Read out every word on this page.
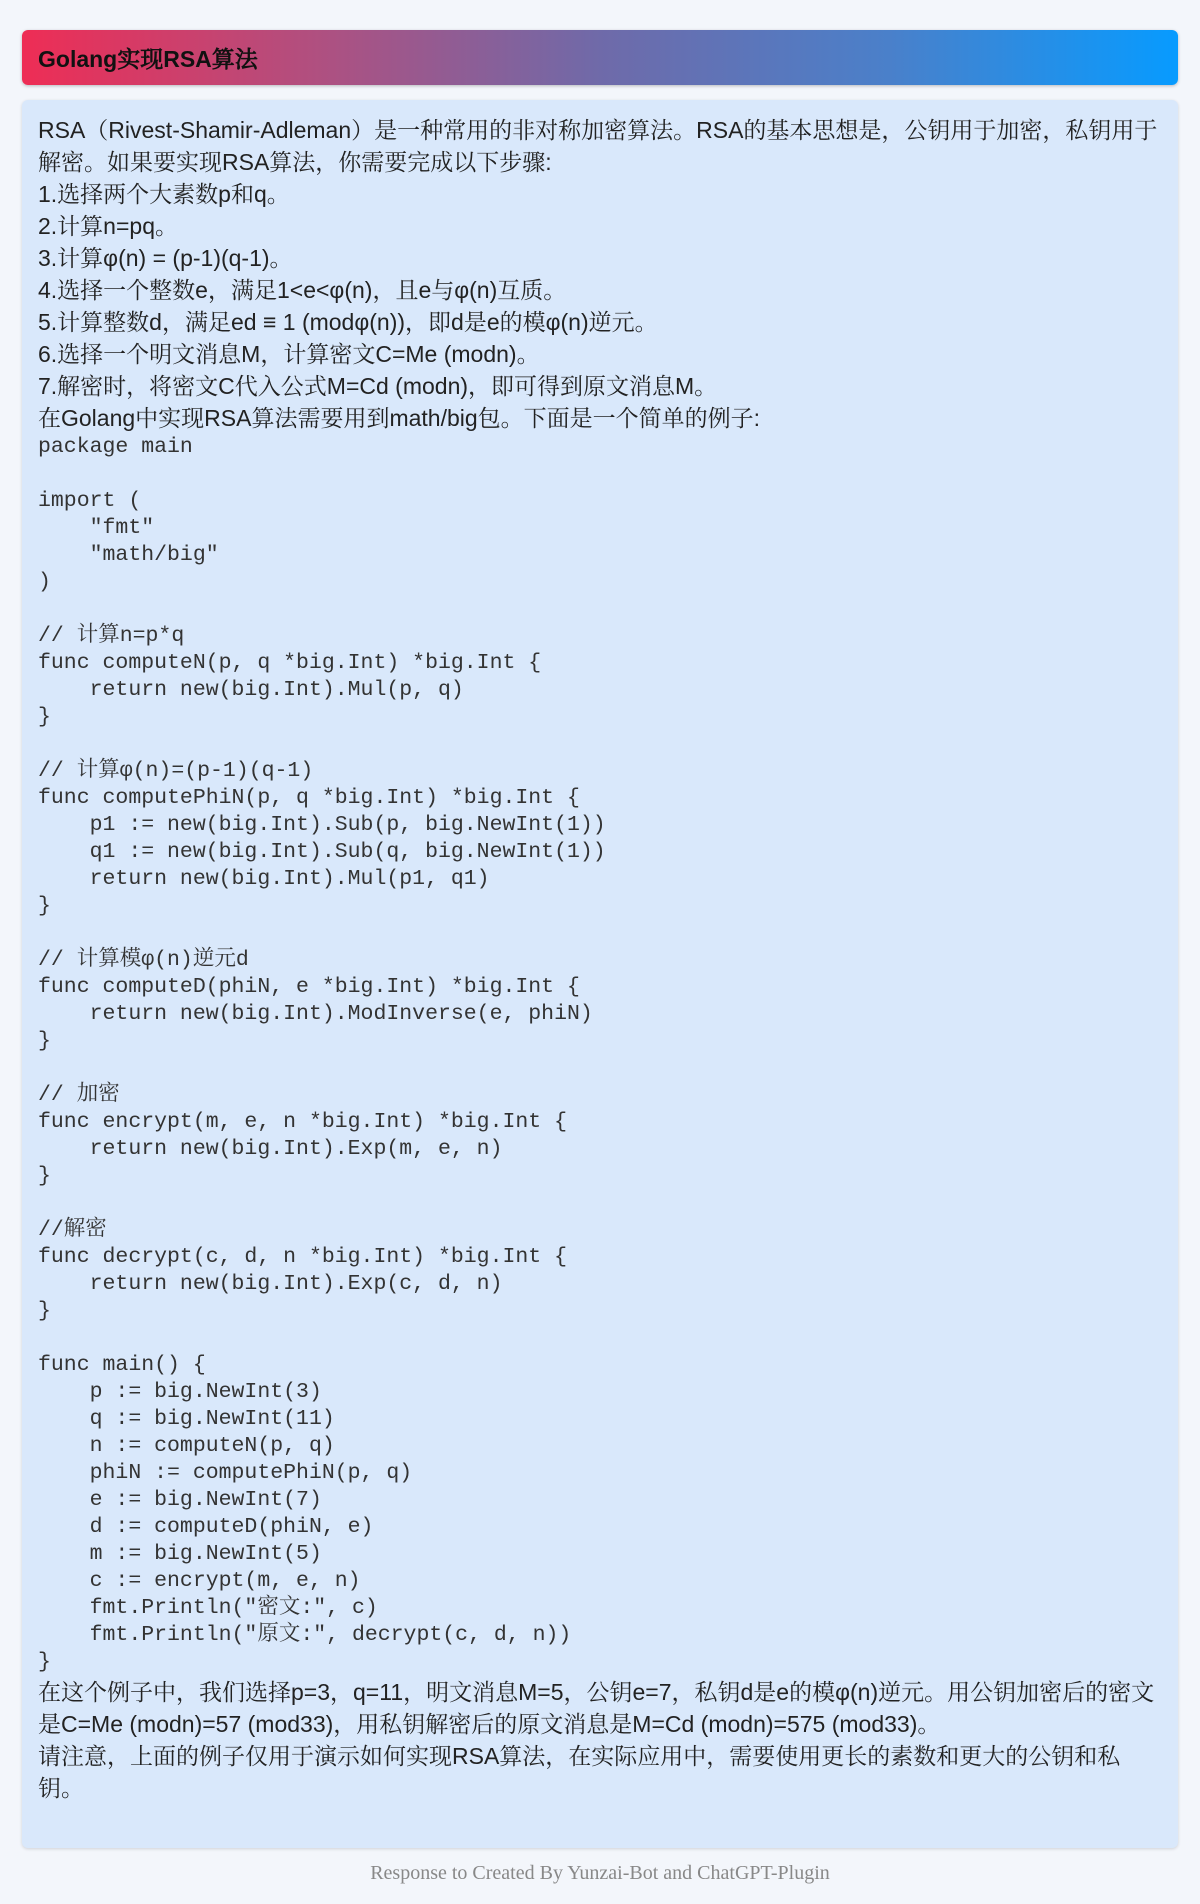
Golang实现RSA算法

RSA（Rivest-Shamir-Adleman）是一种常用的非对称加密算法。RSA的基本思想是，公钥用于加密，私钥用于解密。如果要实现RSA算法，你需要完成以下步骤:

1.选择两个大素数p和q。

2.计算n=pq。

3.计算φ(n) = (p-1)(q-1)。

4.选择一个整数e，满足1<e<φ(n)，且e与φ(n)互质。

5.计算整数d，满足ed ≡ 1 (modφ(n))，即d是e的模φ(n)逆元。

6.选择一个明文消息M，计算密文C=Me (modn)。

7.解密时，将密文C代入公式M=Cd (modn)，即可得到原文消息M。

在Golang中实现RSA算法需要用到math/big包。下面是一个简单的例子:

package main

import (
"fmt"
"math/big"
)

// 计算n=p*q
func computeN(p, q *big.Int) *big.Int {
return new(big.Int).Mul(p, q)
}

// 计算φ(n)=(p-1)(q-1)
func computePhiN(p, q *big.Int) *big.Int {
p1 := new(big.Int).Sub(p, big.NewInt(1))
q1 := new(big.Int).Sub(q, big.NewInt(1))
return new(big.Int).Mul(p1, q1)
}

// 计算模φ(n)逆元d
func computeD(phiN, e *big.Int) *big.Int {
return new(big.Int).ModInverse(e, phiN)
}

// 加密
func encrypt(m, e, n *big.Int) *big.Int {
return new(big.Int).Exp(m, e, n)
}

//解密
func decrypt(c, d, n *big.Int) *big.Int {
return new(big.Int).Exp(c, d, n)
}

func main() {
p := big.NewInt(3)
q := big.NewInt(11)
n := computeN(p, q)
phiN := computePhiN(p, q)
e := big.NewInt(7)
d := computeD(phiN, e)
m := big.NewInt(5)
c := encrypt(m, e, n)
fmt.Println("密文:", c)
fmt.Println("原文:", decrypt(c, d, n))
}

在这个例子中，我们选择p=3，q=11，明文消息M=5，公钥e=7，私钥d是e的模φ(n)逆元。用公钥加密后的密文是C=Me (modn)=57 (mod33)，用私钥解密后的原文消息是M=Cd (modn)=575 (mod33)。

请注意，上面的例子仅用于演示如何实现RSA算法，在实际应用中，需要使用更长的素数和更大的公钥和私钥。

Response to Created By Yunzai-Bot and ChatGPT-Plugin
